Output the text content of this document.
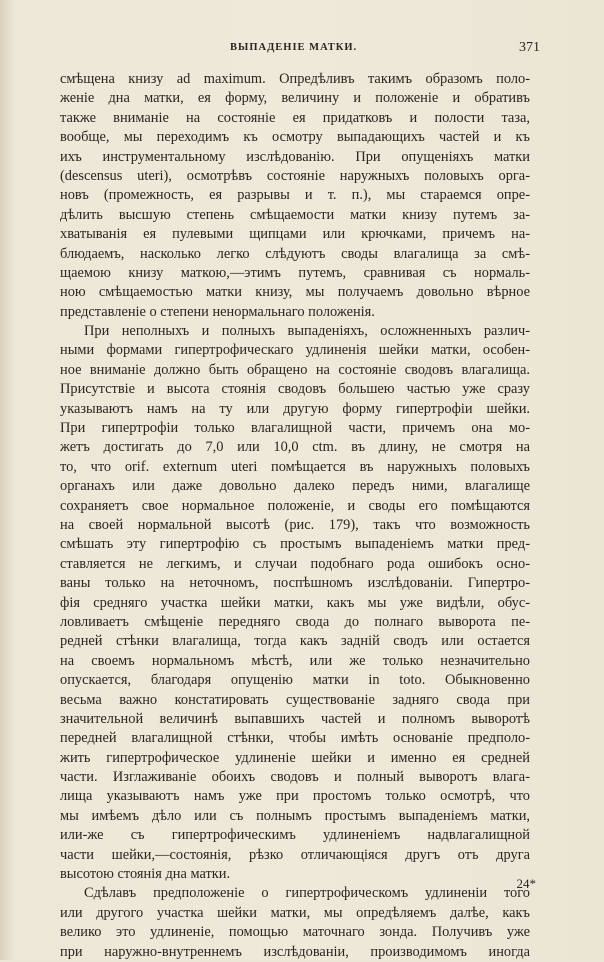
ВЫПАДЕНІЕ МАТКИ.	371
смѣщена книзу ad maximum. Опредѣливъ такимъ образомъ поло-
женіе дна матки, ея форму, величину и положеніе и обративъ
также вниманіе на состояніе ея придатковъ и полости таза,
вообще, мы переходимъ къ осмотру выпадающихъ частей и къ
ихъ инструментальному изслѣдованію. При опущеніяхъ матки
(descensus uteri), осмотрѣвъ состояніе наружныхъ половыхъ орга-
новъ (промежность, ея разрывы и т. п.), мы стараемся опре-
дѣлить высшую степень смѣщаемости матки книзу путемъ за-
хватыванія ея пулевыми щипцами или крючками, причемъ на-
блюдаемъ, насколько легко слѣдуютъ своды влагалища за смѣ-
щаемою книзу маткою,—этимъ путемъ, сравнивая съ нормаль-
ною смѣщаемостью матки книзу, мы получаемъ довольно вѣрное
представленіе о степени ненормальнаго положенія.
При неполныхъ и полныхъ выпаденіяхъ, осложненныхъ различ-
ными формами гипертрофическаго удлиненія шейки матки, особен-
ное вниманіе должно быть обращено на состояніе сводовъ влагалища.
Присутствіе и высота стоянія сводовъ большею частью уже сразу
указываютъ намъ на ту или другую форму гипертрофіи шейки.
При гипертрофіи только влагалищной части, причемъ она мо-
жетъ достигать до 7,0 или 10,0 ctm. въ длину, не смотря на
то, что orif. externum uteri помѣщается въ наружныхъ половыхъ
органахъ или даже довольно далеко передъ ними, влагалище
сохраняетъ свое нормальное положеніе, и своды его помѣщаются
на своей нормальной высотѣ (рис. 179), такъ что возможность
смѣшать эту гипертрофію съ простымъ выпаденіемъ матки пред-
ставляется не легкимъ, и случаи подобнаго рода ошибокъ осно-
ваны только на неточномъ, поспѣшномъ изслѣдованіи. Гипертро-
фія средняго участка шейки матки, какъ мы уже видѣли, обус-
ловливаетъ смѣщеніе передняго свода до полнаго выворота пе-
редней стѣнки влагалища, тогда какъ задній сводъ или остается
на своемъ нормальномъ мѣстѣ, или же только незначительно
опускается, благодаря опущенію матки in toto. Обыкновенно
весьма важно констатировать существованіе задняго свода при
значительной величинѣ выпавшихъ частей и полномъ выворотѣ
передней влагалищной стѣнки, чтобы имѣть основаніе предполо-
жить гипертрофическое удлиненіе шейки и именно ея средней
части. Изглаживаніе обоихъ сводовъ и полный выворотъ влага-
лища указываютъ намъ уже при простомъ только осмотрѣ, что
мы имѣемъ дѣло или съ полнымъ простымъ выпаденіемъ матки,
или-же съ гипертрофическимъ удлиненіемъ надвлагалищной
части шейки,—состоянія, рѣзко отличающіяся другъ отъ друга
высотою стоянія дна матки.
Сдѣлавъ предположеніе о гипертрофическомъ удлиненіи того
или другого участка шейки матки, мы опредѣляемъ далѣе, какъ
велико это удлиненіе, помощью маточнаго зонда. Получивъ уже
при наружно-внутреннемъ изслѣдованіи, производимомъ иногда
24*
